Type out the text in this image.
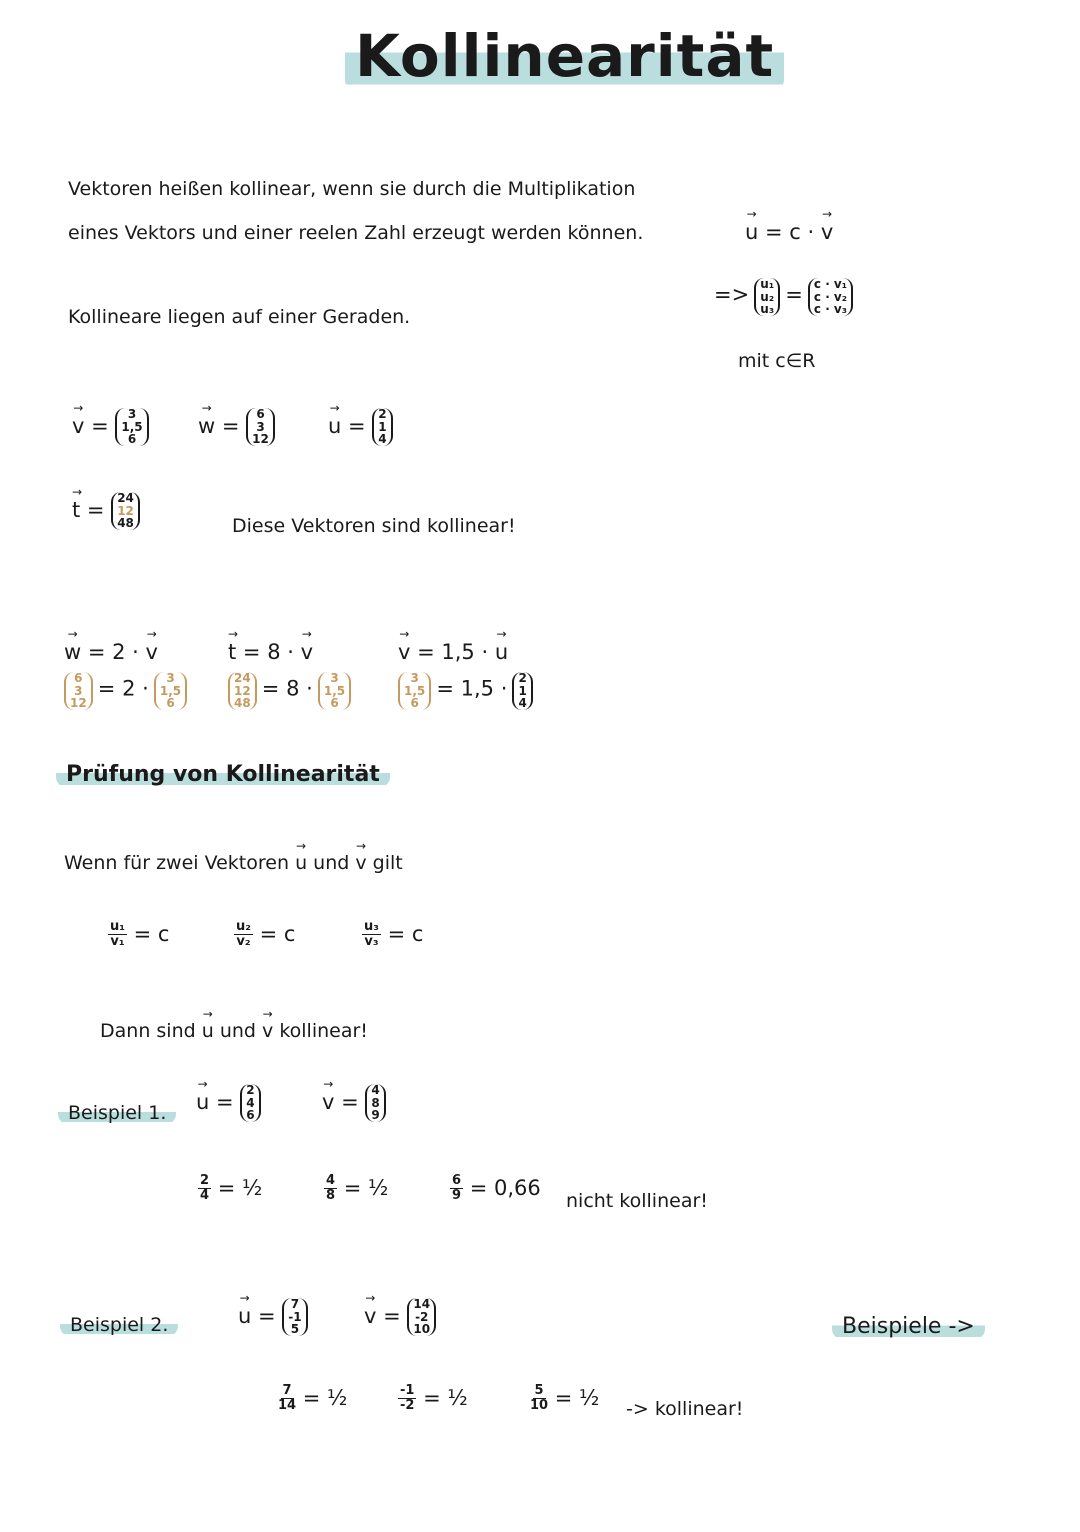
Kollinearität
Vektoren heißen kollinear, wenn sie durch die Multiplikation
eines Vektors und einer reelen Zahl erzeugt werden können.
Kollineare liegen auf einer Geraden.
→ u = c · → v
=> u₁
u₂
u₃
= c · v₁
c · v₂
c · v₃
mit c∈R
→ v =	3
1,5
6
→ w = 6
3
12
→ u = 2
1
4
→ t = 24
12
48	Diese Vektoren sind kollinear!
→ w = 2 · → v
6
3
12
= 2 ·	3
1,5
6
→ t = 8 · → v
24
12
48
= 8 ·	3
1,5
6
→ v = 1,5 · → u
3
1,5
6
= 1,5 · 2
1
4
Prüfung von Kollinearität
Wenn für zwei Vektoren → u und → v gilt
$\frac{\text{u₁}}{\text{v₁}} = c$	$\frac{\text{u₂}}{\text{v₂}} = c$	$\frac{\text{u₃}}{\text{v₃}} = c$
Dann sind → u und → v kollinear!
Beispiel 1.	→ u = 2
4
6
→ v = 4
8
9
$\frac{2}{4}$ = ½	$\frac{4}{8}$ = ½	$\frac{6}{9} = 0,66$
nicht kollinear!
Beispiel 2.	→ u = 7
-1
5
→ v = 14
-2
10
$\frac{7}{14}$ = ½	$\frac{-1}{-2}$ = ½	$\frac{5}{10}$ = ½ -> kollinear!
Beispiele ->
